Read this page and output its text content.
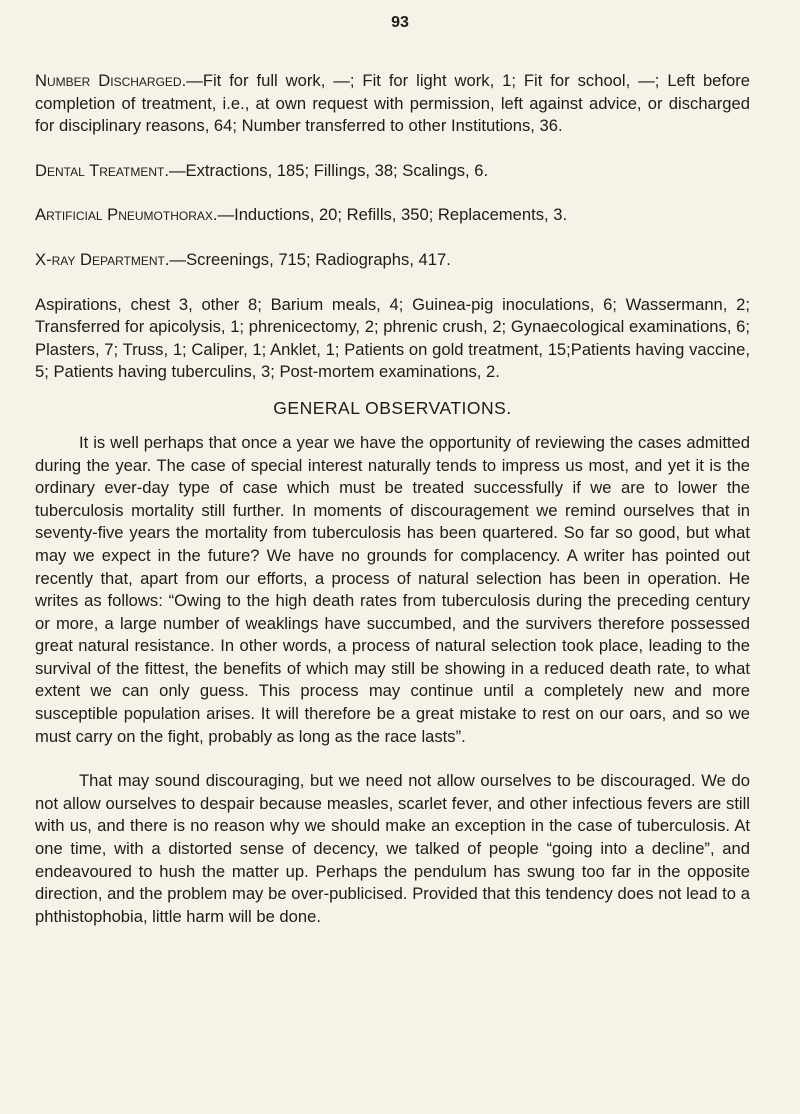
93

Number Discharged.—Fit for full work, —; Fit for light work, 1; Fit for school, —; Left before completion of treatment, i.e., at own request with permission, left against advice, or discharged for disciplinary reasons, 64; Number transferred to other Institutions, 36.

Dental Treatment.—Extractions, 185; Fillings, 38; Scalings, 6.

Artificial Pneumothorax.—Inductions, 20; Refills, 350; Replacements, 3.

X-ray Department.—Screenings, 715; Radiographs, 417.

Aspirations, chest 3, other 8; Barium meals, 4; Guinea-pig inoculations, 6; Wassermann, 2; Transferred for apicolysis, 1; phrenicectomy, 2; phrenic crush, 2; Gynaecological examinations, 6; Plasters, 7; Truss, 1; Caliper, 1; Anklet, 1; Patients on gold treatment, 15;Patients having vaccine, 5; Patients having tuberculins, 3; Post-mortem examinations, 2.

GENERAL OBSERVATIONS.

It is well perhaps that once a year we have the opportunity of reviewing the cases admitted during the year. The case of special interest naturally tends to impress us most, and yet it is the ordinary ever-day type of case which must be treated successfully if we are to lower the tuberculosis mortality still further. In moments of discouragement we remind ourselves that in seventy-five years the mortality from tuberculosis has been quartered. So far so good, but what may we expect in the future? We have no grounds for complacency. A writer has pointed out recently that, apart from our efforts, a process of natural selection has been in operation. He writes as follows: “Owing to the high death rates from tuberculosis during the preceding century or more, a large number of weaklings have succumbed, and the survivers therefore possessed great natural resistance. In other words, a process of natural selection took place, leading to the survival of the fittest, the benefits of which may still be showing in a reduced death rate, to what extent we can only guess. This process may continue until a completely new and more susceptible population arises. It will therefore be a great mistake to rest on our oars, and so we must carry on the fight, probably as long as the race lasts”.

That may sound discouraging, but we need not allow ourselves to be discouraged. We do not allow ourselves to despair because measles, scarlet fever, and other infectious fevers are still with us, and there is no reason why we should make an exception in the case of tuberculosis. At one time, with a distorted sense of decency, we talked of people “going into a decline”, and endeavoured to hush the matter up. Perhaps the pendulum has swung too far in the opposite direction, and the problem may be over-publicised. Provided that this tendency does not lead to a phthistophobia, little harm will be done.
